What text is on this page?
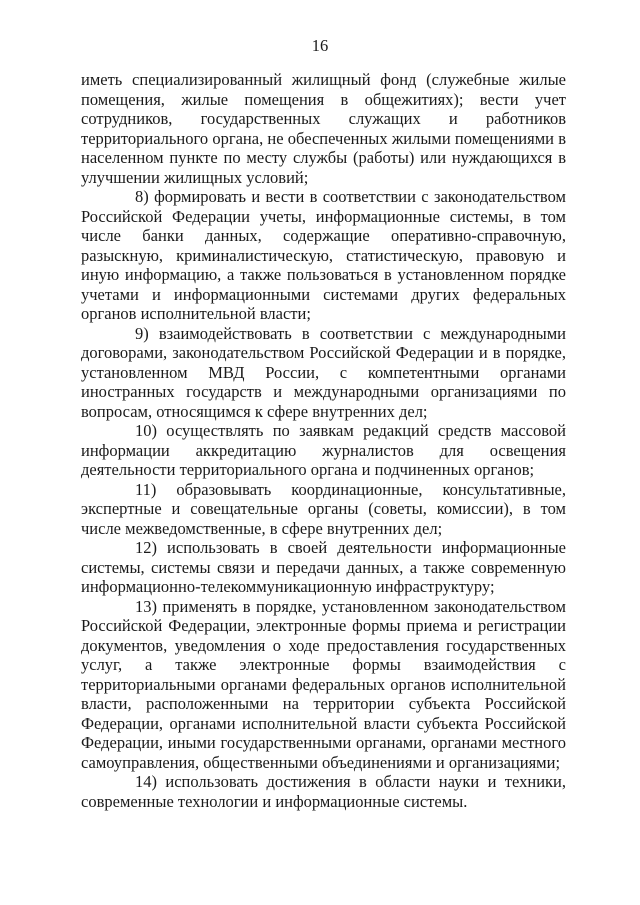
16

иметь специализированный жилищный фонд (служебные жилые помещения, жилые помещения в общежитиях); вести учет сотрудников, государственных служащих и работников территориального органа, не обеспеченных жилыми помещениями в населенном пункте по месту службы (работы) или нуждающихся в улучшении жилищных условий;

8) формировать и вести в соответствии с законодательством Российской Федерации учеты, информационные системы, в том числе банки данных, содержащие оперативно-справочную, разыскную, криминалистическую, статистическую, правовую и иную информацию, а также пользоваться в установленном порядке учетами и информационными системами других федеральных органов исполнительной власти;

9) взаимодействовать в соответствии с международными договорами, законодательством Российской Федерации и в порядке, установленном МВД России, с компетентными органами иностранных государств и международными организациями по вопросам, относящимся к сфере внутренних дел;

10) осуществлять по заявкам редакций средств массовой информации аккредитацию журналистов для освещения деятельности территориального органа и подчиненных органов;

11) образовывать координационные, консультативные, экспертные и совещательные органы (советы, комиссии), в том числе межведомственные, в сфере внутренних дел;

12) использовать в своей деятельности информационные системы, системы связи и передачи данных, а также современную информационно-телекоммуникационную инфраструктуру;

13) применять в порядке, установленном законодательством Российской Федерации, электронные формы приема и регистрации документов, уведомления о ходе предоставления государственных услуг, а также электронные формы взаимодействия с территориальными органами федеральных органов исполнительной власти, расположенными на территории субъекта Российской Федерации, органами исполнительной власти субъекта Российской Федерации, иными государственными органами, органами местного самоуправления, общественными объединениями и организациями;

14) использовать достижения в области науки и техники, современные технологии и информационные системы.
